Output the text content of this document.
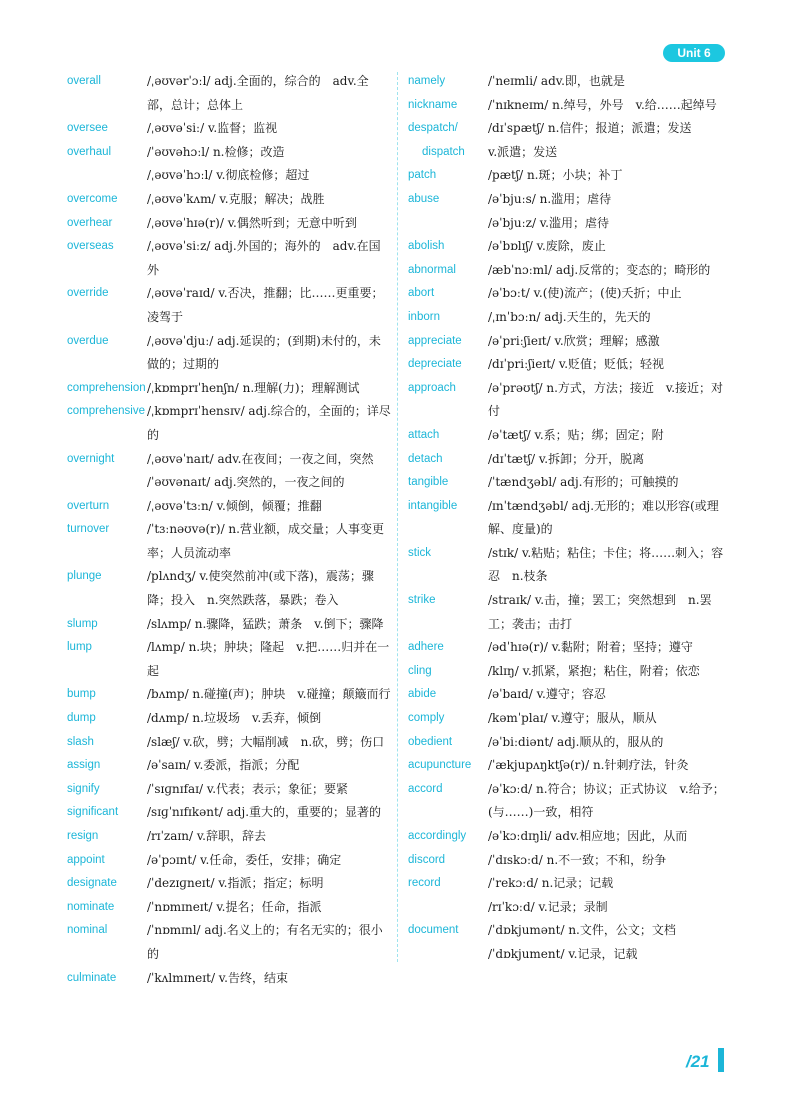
Unit 6
overall	/ˌəʊvərˈɔːl/ adj.全面的，综合的　adv.全部，总计；总体上
oversee	/ˌəʊvəˈsiː/ v.监督；监视
overhaul	/ˈəʊvəhɔːl/ n.检修；改造
/ˌəʊvəˈhɔːl/ v.彻底检修；超过
overcome /ˌəʊvəˈkʌm/ v.克服；解决；战胜
overhear	/ˌəʊvəˈhɪə(r)/ v.偶然听到；无意中听到
overseas	/ˌəʊvəˈsiːz/ adj.外国的；海外的　adv.在国外
override	/ˌəʊvəˈraɪd/ v.否决，推翻；比……更重要；凌驾于
overdue	/ˌəʊvəˈdjuː/ adj.延误的；(到期)未付的，未做的；过期的
comprehension /ˌkɒmprɪˈhenʃn/ n.理解(力)；理解测试
comprehensive /ˌkɒmprɪˈhensɪv/ adj.综合的，全面的；详尽的
overnight	/ˌəʊvəˈnaɪt/ adv.在夜间；一夜之间，突然
/ˈəʊvənaɪt/ adj.突然的，一夜之间的
overturn	/ˌəʊvəˈtɜːn/ v.倾倒，倾覆；推翻
turnover	/ˈtɜːnəʊvə(r)/ n.营业额，成交量；人事变更率；人员流动率
plunge	/plʌndʒ/ v.使突然前冲(或下落)，震荡；骤降；投入　n.突然跌落，暴跌；卷入
slump	/slʌmp/ n.骤降，猛跌；萧条　v.倒下；骤降
lump	/lʌmp/ n.块；肿块；隆起　v.把……归并在一起
bump	/bʌmp/ n.碰撞(声)；肿块　v.碰撞；颠簸而行
dump	/dʌmp/ n.垃圾场　v.丢弃，倾倒
slash	/slæʃ/ v.砍，劈；大幅削减　n.砍，劈；伤口
assign	/əˈsaɪn/ v.委派，指派；分配
signify	/ˈsɪɡnɪfaɪ/ v.代表；表示；象征；要紧
significant /sɪɡˈnɪfɪkənt/ adj.重大的，重要的；显著的
resign	/rɪˈzaɪn/ v.辞职，辞去
appoint	/əˈpɔɪnt/ v.任命，委任，安排；确定
designate	/ˈdezɪɡneɪt/ v.指派；指定；标明
nominate	/ˈnɒmɪneɪt/ v.提名；任命，指派
nominal	/ˈnɒmɪnl/ adj.名义上的；有名无实的；很小的
culminate	/ˈkʌlmɪneɪt/ v.告终，结束
namely	/ˈneɪmli/ adv.即，也就是
nickname	/ˈnɪkneɪm/ n.绰号，外号　v.给……起绰号
despatch/	/dɪˈspætʃ/ n.信件；报道；派遣；发送
dispatch v.派遣；发送
patch	/pætʃ/ n.斑；小块；补丁
abuse	/əˈbjuːs/ n.滥用；虐待
/əˈbjuːz/ v.滥用；虐待
abolish	/əˈbɒlɪʃ/ v.废除，废止
abnormal	/æbˈnɔːml/ adj.反常的；变态的；畸形的
abort	/əˈbɔːt/ v.(使)流产；(使)夭折；中止
inborn	/ˌɪnˈbɔːn/ adj.天生的，先天的
appreciate /əˈpriːʃieɪt/ v.欣赏；理解；感激
depreciate /dɪˈpriːʃieɪt/ v.贬值；贬低；轻视
approach	/əˈprəʊtʃ/ n.方式，方法；接近　v.接近；对付
attach	/əˈtætʃ/ v.系；贴；绑；固定；附
detach	/dɪˈtætʃ/ v.拆卸；分开，脱离
tangible	/ˈtændʒəbl/ adj.有形的；可触摸的
intangible	/ɪnˈtændʒəbl/ adj.无形的；难以形容(或理解、度量)的
stick	/stɪk/ v.粘贴；粘住；卡住；将……刺入；容忍　n.枝条
strike	/straɪk/ v.击，撞；罢工；突然想到　n.罢工；袭击；击打
adhere	/ədˈhɪə(r)/ v.黏附；附着；坚持；遵守
cling	/klɪŋ/ v.抓紧，紧抱；粘住，附着；依恋
abide	/əˈbaɪd/ v.遵守；容忍
comply	/kəmˈplaɪ/ v.遵守；服从，顺从
obedient	/əˈbiːdiənt/ adj.顺从的，服从的
acupuncture /ˈækjupʌŋktʃə(r)/ n.针刺疗法，针灸
accord	/əˈkɔːd/ n.符合；协议；正式协议　v.给予；(与……)一致，相符
accordingly /əˈkɔːdɪŋli/ adv.相应地；因此，从而
discord	/ˈdɪskɔːd/ n.不一致；不和，纷争
record	/ˈrekɔːd/ n.记录；记载
/rɪˈkɔːd/ v.记录；录制
document /ˈdɒkjumənt/ n.文件，公文；文档
/ˈdɒkjument/ v.记录，记载
/21
